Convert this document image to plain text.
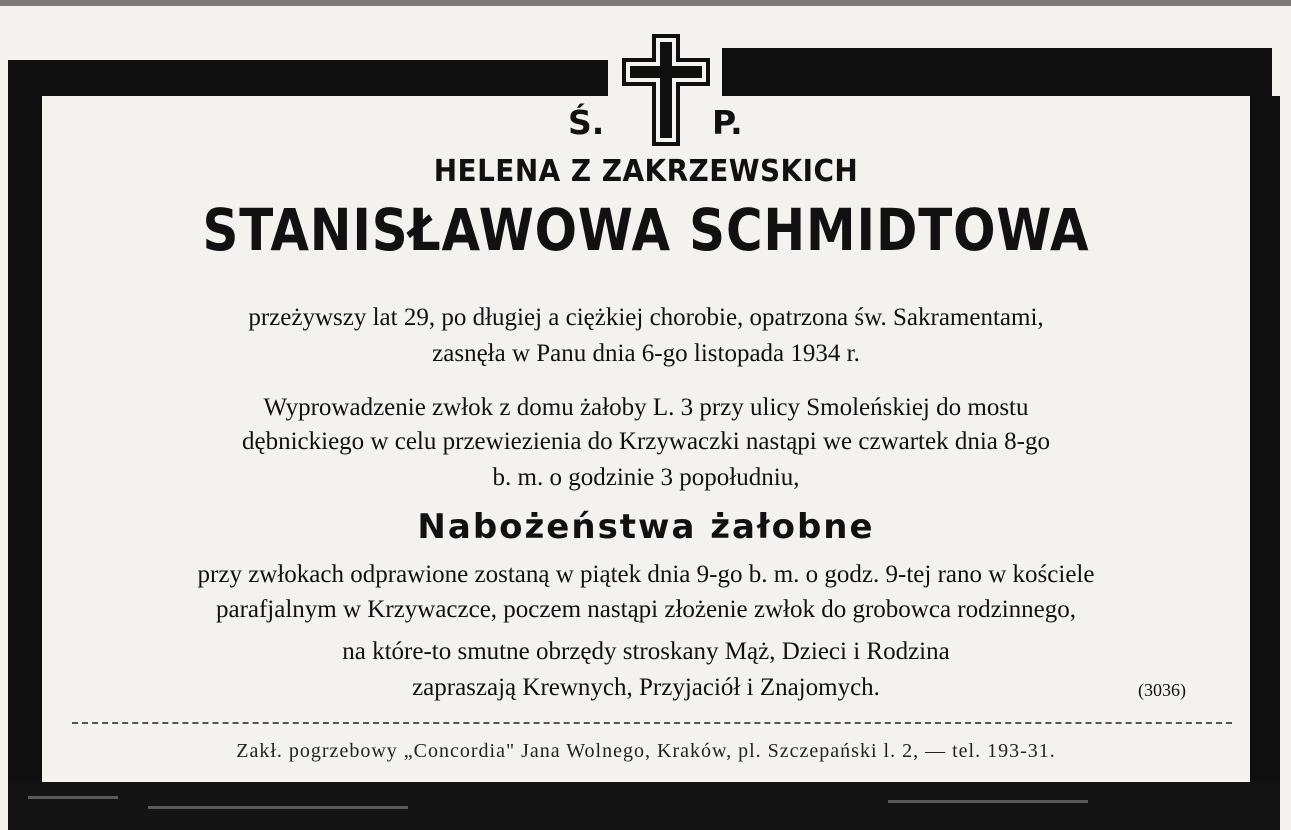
Ś.	P.
HELENA Z ZAKRZEWSKICH
STANISŁAWOWA SCHMIDTOWA
przeżywszy lat 29, po długiej a ciężkiej chorobie, opatrzona św. Sakramentami,
zasnęła w Panu dnia 6-go listopada 1934 r.
Wyprowadzenie zwłok z domu żałoby L. 3 przy ulicy Smoleńskiej do mostu
dębnickiego w celu przewiezienia do Krzywaczki nastąpi we czwartek dnia 8-go
b. m. o godzinie 3 popołudniu,
Nabożeństwa żałobne
przy zwłokach odprawione zostaną w piątek dnia 9-go b. m. o godz. 9-tej rano w kościele
parafjalnym w Krzywaczce, poczem nastąpi złożenie zwłok do grobowca rodzinnego,
na które-to smutne obrzędy stroskany Mąż, Dzieci i Rodzina
zapraszają Krewnych, Przyjaciół i Znajomych.	(3036)
Zakł. pogrzebowy „Concordia" Jana Wolnego, Kraków, pl. Szczepański l. 2, — tel. 193-31.
